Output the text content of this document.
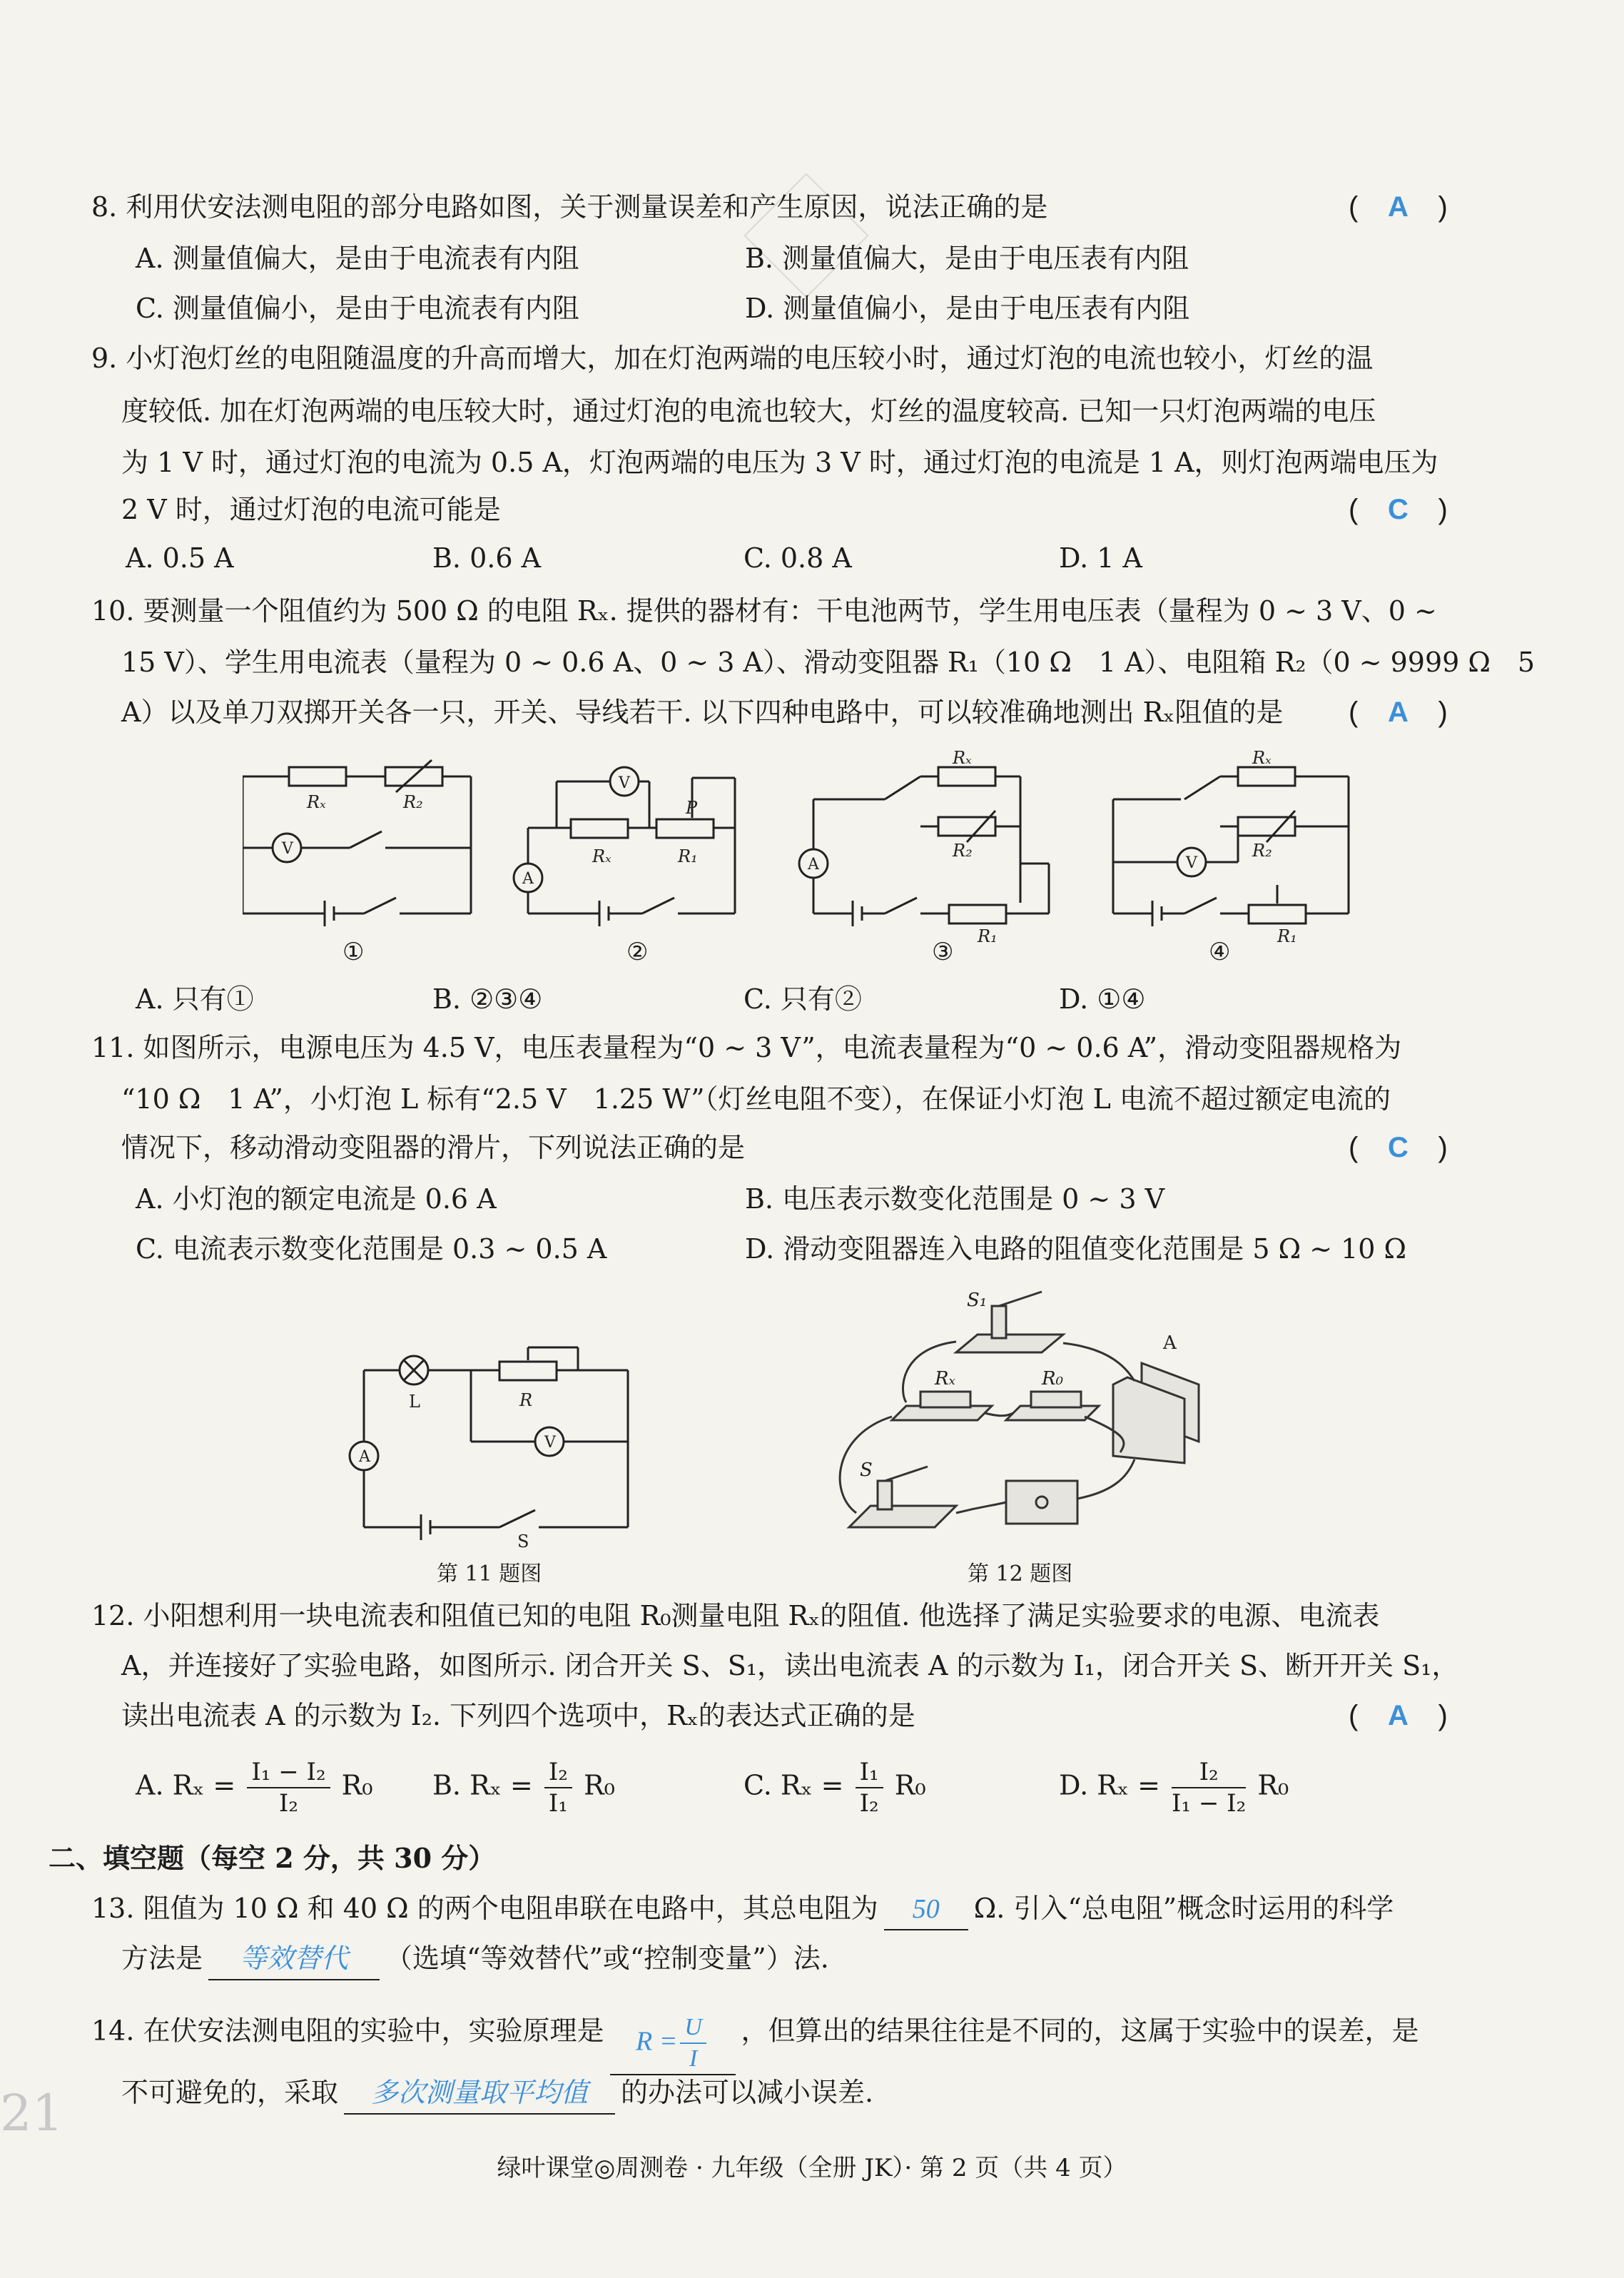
21
8. 利用伏安法测电阻的部分电路如图，关于测量误差和产生原因，说法正确的是	( A )
A. 测量值偏大，是由于电流表有内阻	B. 测量值偏大，是由于电压表有内阻
C. 测量值偏小，是由于电流表有内阻	D. 测量值偏小，是由于电压表有内阻
9. 小灯泡灯丝的电阻随温度的升高而增大，加在灯泡两端的电压较小时，通过灯泡的电流也较小，灯丝的温
度较低. 加在灯泡两端的电压较大时，通过灯泡的电流也较大，灯丝的温度较高. 已知一只灯泡两端的电压
为 1 V 时，通过灯泡的电流为 0.5 A，灯泡两端的电压为 3 V 时，通过灯泡的电流是 1 A，则灯泡两端电压为
2 V 时，通过灯泡的电流可能是	( C )
A. 0.5 A	B. 0.6 A	C. 0.8 A	D. 1 A
10. 要测量一个阻值约为 500 Ω 的电阻 Rₓ. 提供的器材有：干电池两节，学生用电压表（量程为 0 ~ 3 V、0 ~
15 V）、学生用电流表（量程为 0 ~ 0.6 A、0 ~ 3 A）、滑动变阻器 R₁（10 Ω　1 A）、电阻箱 R₂（0 ~ 9999 Ω　5
A）以及单刀双掷开关各一只，开关、导线若干. 以下四种电路中，可以较准确地测出 Rₓ阻值的是 ( A )
Rₓ	R₂
V
V
Rₓ	R₁
P
A
Rₓ
R₂
R₁
A
Rₓ
R₂
R₁
V
①	②	③	④
A. 只有①	B. ②③④	C. 只有②	D. ①④
11. 如图所示，电源电压为 4.5 V，电压表量程为“0 ~ 3 V”，电流表量程为“0 ~ 0.6 A”，滑动变阻器规格为
“10 Ω　1 A”，小灯泡 L 标有“2.5 V　1.25 W”（灯丝电阻不变），在保证小灯泡 L 电流不超过额定电流的
情况下，移动滑动变阻器的滑片，下列说法正确的是	( C )
A. 小灯泡的额定电流是 0.6 A	B. 电压表示数变化范围是 0 ~ 3 V
C. 电流表示数变化范围是 0.3 ~ 0.5 A	D. 滑动变阻器连入电路的阻值变化范围是 5 Ω ~ 10 Ω
L	R
A
V
S
第 11 题图
S₁
Rₓ	R₀
A
S
第 12 题图
12. 小阳想利用一块电流表和阻值已知的电阻 R₀测量电阻 Rₓ的阻值. 他选择了满足实验要求的电源、电流表
A，并连接好了实验电路，如图所示. 闭合开关 S、S₁，读出电流表 A 的示数为 I₁，闭合开关 S、断开开关 S₁，
读出电流表 A 的示数为 I₂. 下列四个选项中，Rₓ的表达式正确的是	( A )
A. $R_x = \frac{\text{I₁ − I₂}}{\text{I₂}} R_0$ B. $R_x = \frac{\text{I₂}}{\text{I₁}} R_0$	C. $R_x = \frac{\text{I₁}}{\text{I₂}} R_0$	D. $R_x = \frac{\text{I₂}}{\text{I₁ − I₂}} R_0$
二、填空题（每空 2 分，共 30 分）
13. 阻值为 10 Ω 和 40 Ω 的两个电阻串联在电路中，其总电阻为 50 Ω. 引入“总电阻”概念时运用的科学
方法是 等效替代 （选填“等效替代”或“控制变量”）法.
14. 在伏安法测电阻的实验中，实验原理是 $R = \frac{U}{I}$ ，但算出的结果往往是不同的，这属于实验中的误差，是
不可避免的，采取 多次测量取平均值 的办法可以减小误差.
绿叶课堂◎周测卷 · 九年级（全册 JK）· 第 2 页（共 4 页）
